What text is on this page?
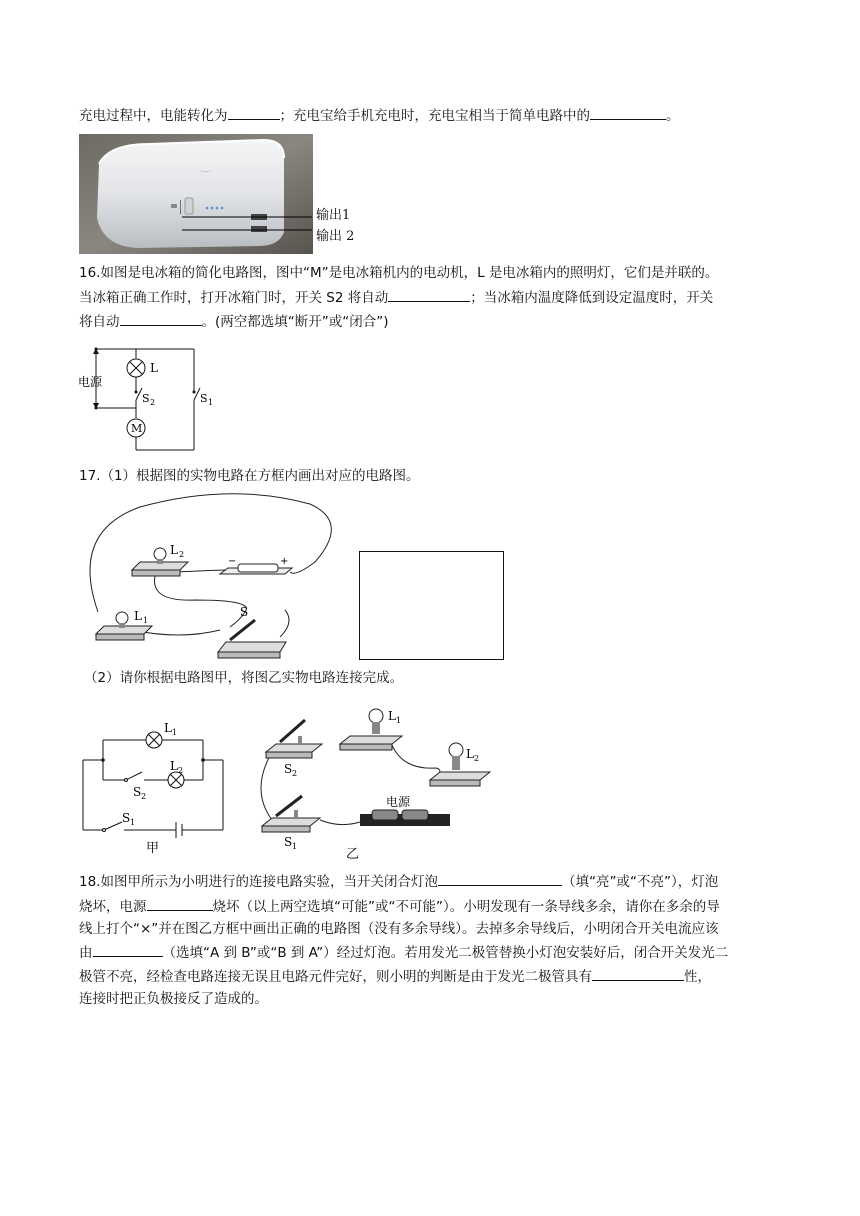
充电过程中，电能转化为	；充电宝给手机充电时，充电宝相当于简单电路中的	。
·—·
输出1
输出 2
16.如图是电冰箱的简化电路图，图中“M”是电冰箱机内的电动机，L 是电冰箱内的照明灯，它们是并联的。
当冰箱正确工作时，打开冰箱门时，开关 S2 将自动	；当冰箱内温度降低到设定温度时，开关
将自动	。(两空都选填“断开”或“闭合”)
电源
L
S 2	S 1
M
17.（1）根据图的实物电路在方框内画出对应的电路图。
L 2
−	+
L 1
S
（2）请你根据电路图甲，将图乙实物电路连接完成。
L 1
L 2
S 2
S 1
甲
S 2
S 1
L 1
L 2
电源
乙
18.如图甲所示为小明进行的连接电路实验，当开关闭合灯泡	（填“亮”或“不亮”），灯泡
烧坏，电源	烧坏（以上两空选填“可能”或“不可能”）。小明发现有一条导线多余，请你在多余的导
线上打个“×”并在图乙方框中画出正确的电路图（没有多余导线）。去掉多余导线后，小明闭合开关电流应该
由	（选填“A 到 B”或“B 到 A”）经过灯泡。若用发光二极管替换小灯泡安装好后，闭合开关发光二
极管不亮，经检查电路连接无误且电路元件完好，则小明的判断是由于发光二极管具有	性，
连接时把正负极接反了造成的。
